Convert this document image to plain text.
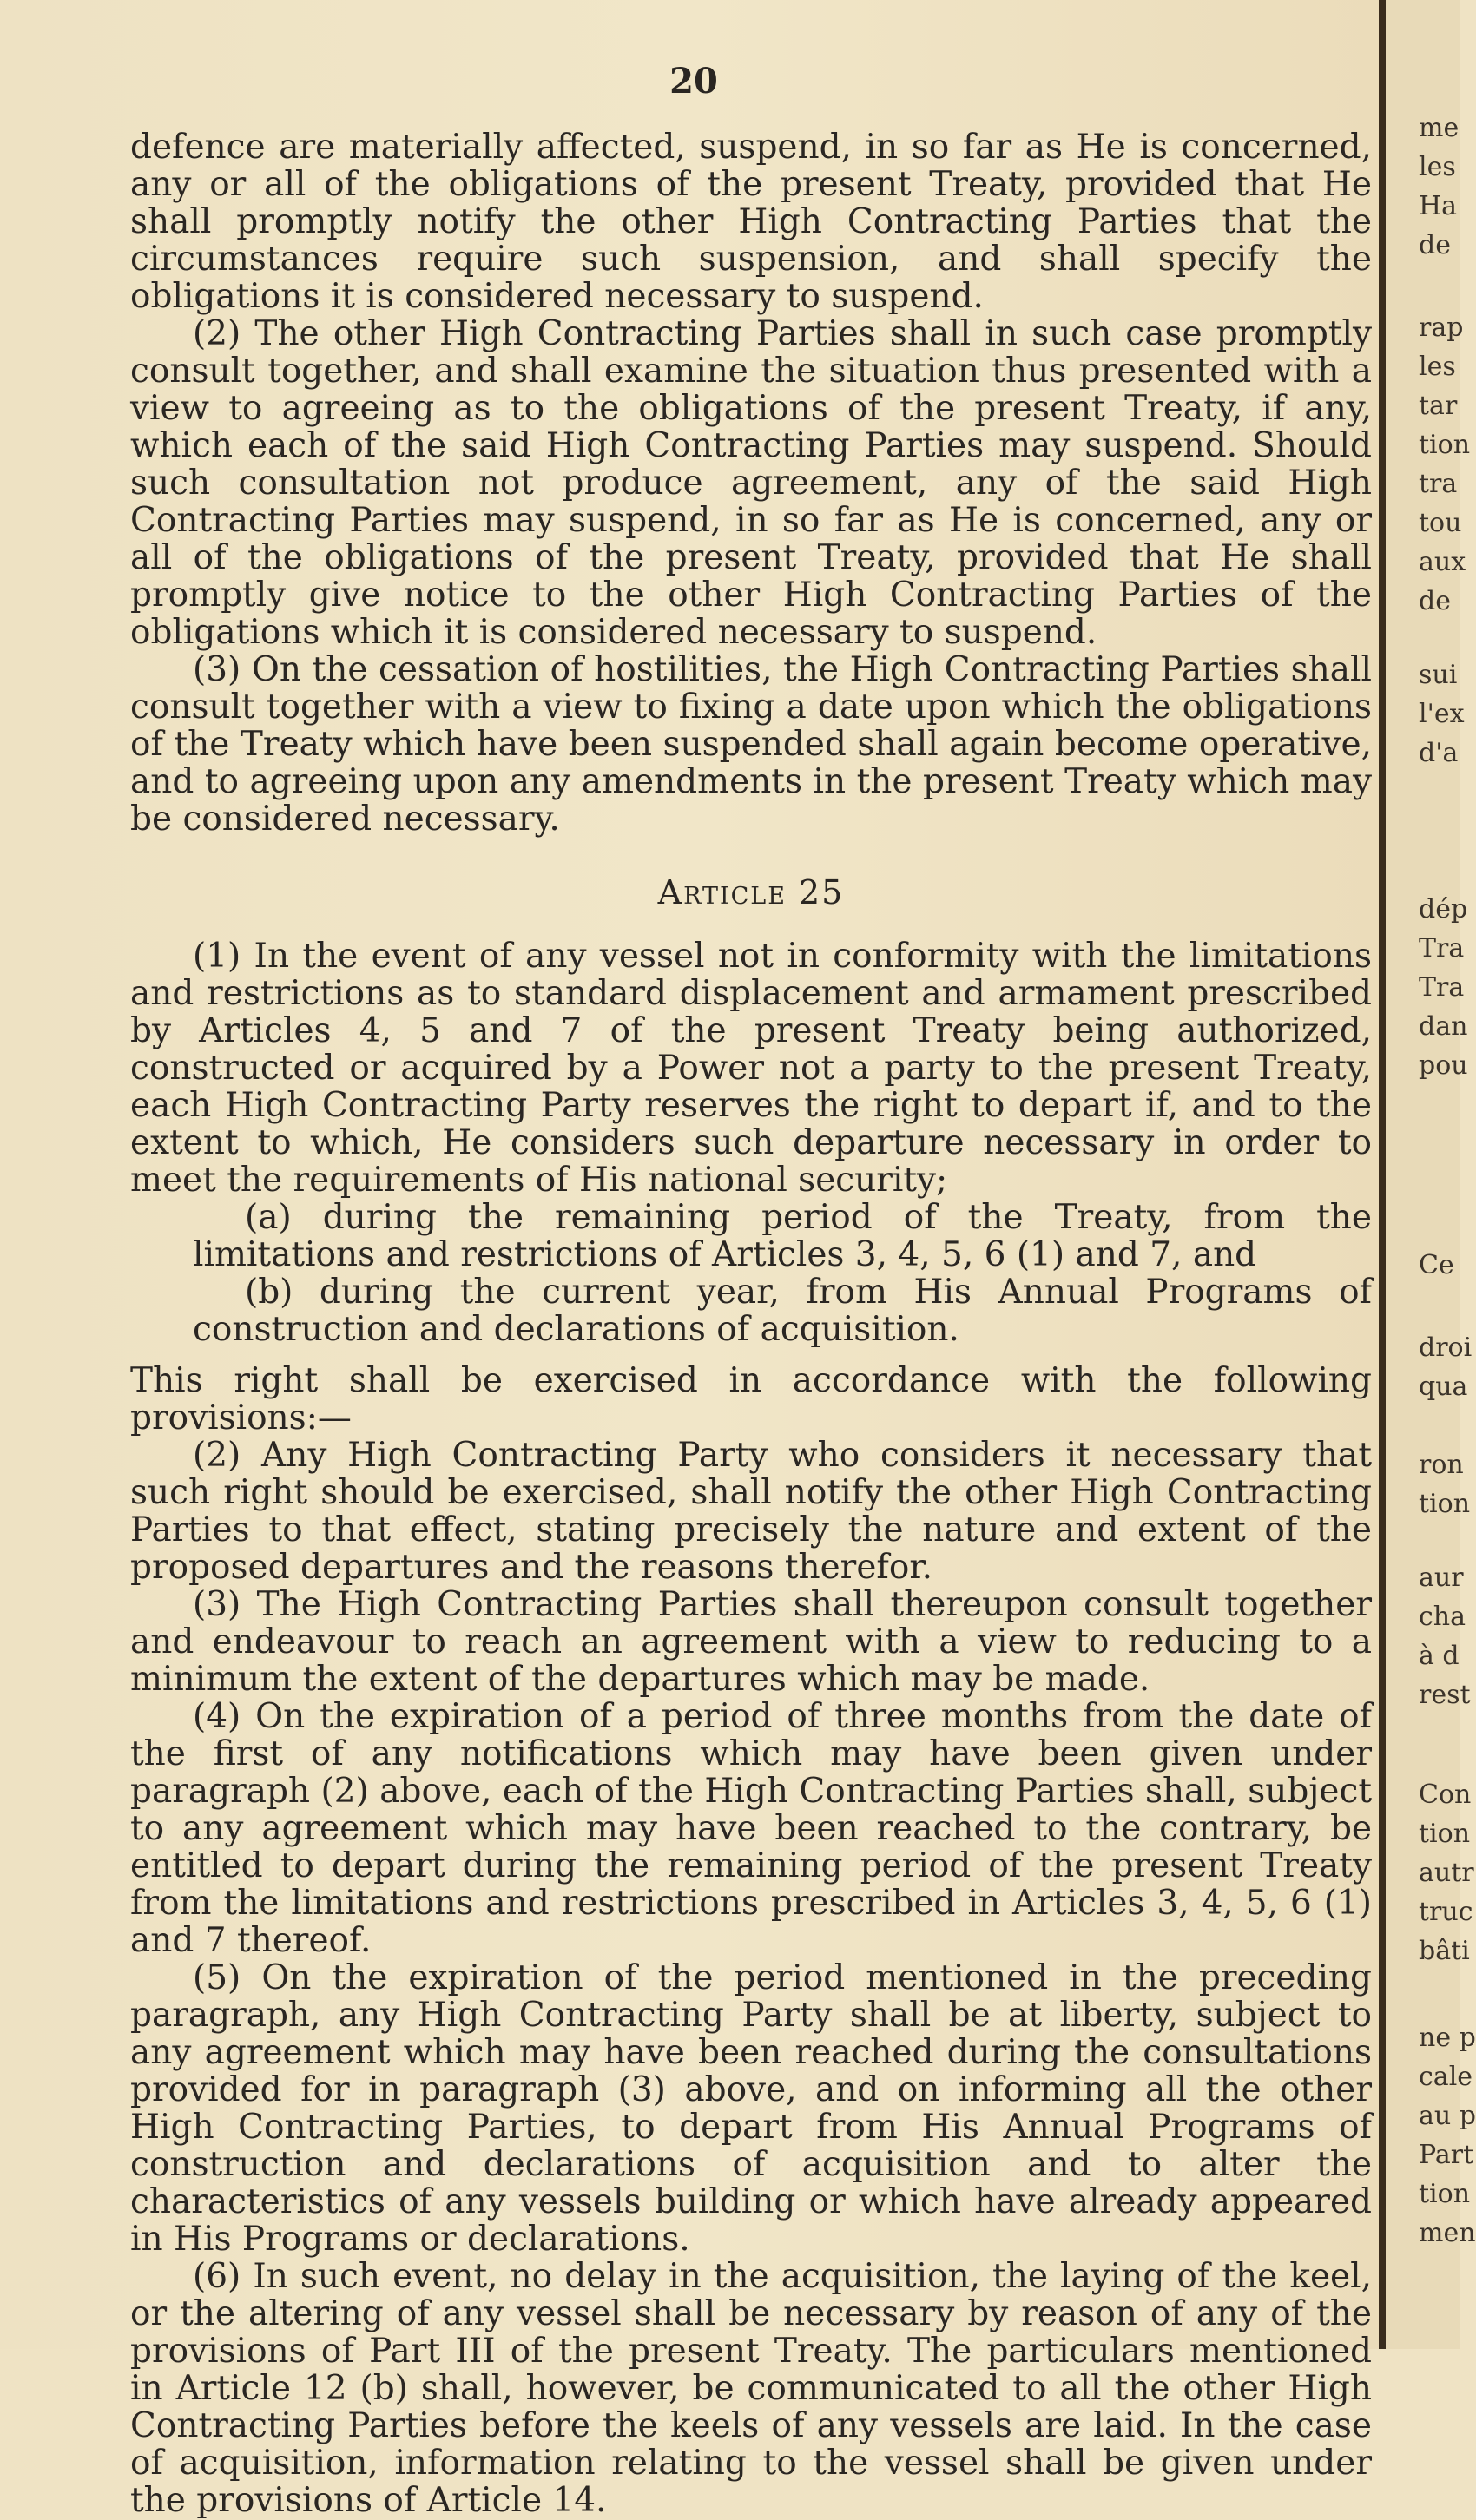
20

defence are materially affected, suspend, in so far as He is concerned, any or all of the obligations of the present Treaty, provided that He shall promptly notify the other High Contracting Parties that the circumstances require such suspension, and shall specify the obligations it is considered necessary to suspend.

(2) The other High Contracting Parties shall in such case promptly consult together, and shall examine the situation thus presented with a view to agreeing as to the obligations of the present Treaty, if any, which each of the said High Contracting Parties may suspend. Should such consultation not produce agreement, any of the said High Contracting Parties may suspend, in so far as He is concerned, any or all of the obligations of the present Treaty, provided that He shall promptly give notice to the other High Contracting Parties of the obligations which it is considered necessary to suspend.

(3) On the cessation of hostilities, the High Contracting Parties shall consult together with a view to fixing a date upon which the obligations of the Treaty which have been suspended shall again become operative, and to agreeing upon any amendments in the present Treaty which may be considered necessary.

Article 25

(1) In the event of any vessel not in conformity with the limitations and restrictions as to standard displacement and armament prescribed by Articles 4, 5 and 7 of the present Treaty being authorized, constructed or acquired by a Power not a party to the present Treaty, each High Contracting Party reserves the right to depart if, and to the extent to which, He considers such departure necessary in order to meet the requirements of His national security;

(a) during the remaining period of the Treaty, from the limitations and restrictions of Articles 3, 4, 5, 6 (1) and 7, and

(b) during the current year, from His Annual Programs of construction and declarations of acquisition.

This right shall be exercised in accordance with the following provisions:—

(2) Any High Contracting Party who considers it necessary that such right should be exercised, shall notify the other High Contracting Parties to that effect, stating precisely the nature and extent of the proposed departures and the reasons therefor.

(3) The High Contracting Parties shall thereupon consult together and endeavour to reach an agreement with a view to reducing to a minimum the extent of the departures which may be made.

(4) On the expiration of a period of three months from the date of the first of any notifications which may have been given under paragraph (2) above, each of the High Contracting Parties shall, subject to any agreement which may have been reached to the contrary, be entitled to depart during the remaining period of the present Treaty from the limitations and restrictions prescribed in Articles 3, 4, 5, 6 (1) and 7 thereof.

(5) On the expiration of the period mentioned in the preceding paragraph, any High Contracting Party shall be at liberty, subject to any agreement which may have been reached during the consultations provided for in paragraph (3) above, and on informing all the other High Contracting Parties, to depart from His Annual Programs of construction and declarations of acquisition and to alter the characteristics of any vessels building or which have already appeared in His Programs or declarations.

(6) In such event, no delay in the acquisition, the laying of the keel, or the altering of any vessel shall be necessary by reason of any of the provisions of Part III of the present Treaty. The particulars mentioned in Article 12 (b) shall, however, be communicated to all the other High Contracting Parties before the keels of any vessels are laid. In the case of acquisition, information relating to the vessel shall be given under the provisions of Article 14.

me
les
Ha
de
rap
les
tar
tion
tra
tou
aux
de
sui
l'ex
d'a
dép
Tra
Tra
dan
pou
Ce
droi
qua
ron
tion
aur
cha
à d
rest
Con
tion
autr
truc
bâti
ne p
cale
au p
Part
tion
men
